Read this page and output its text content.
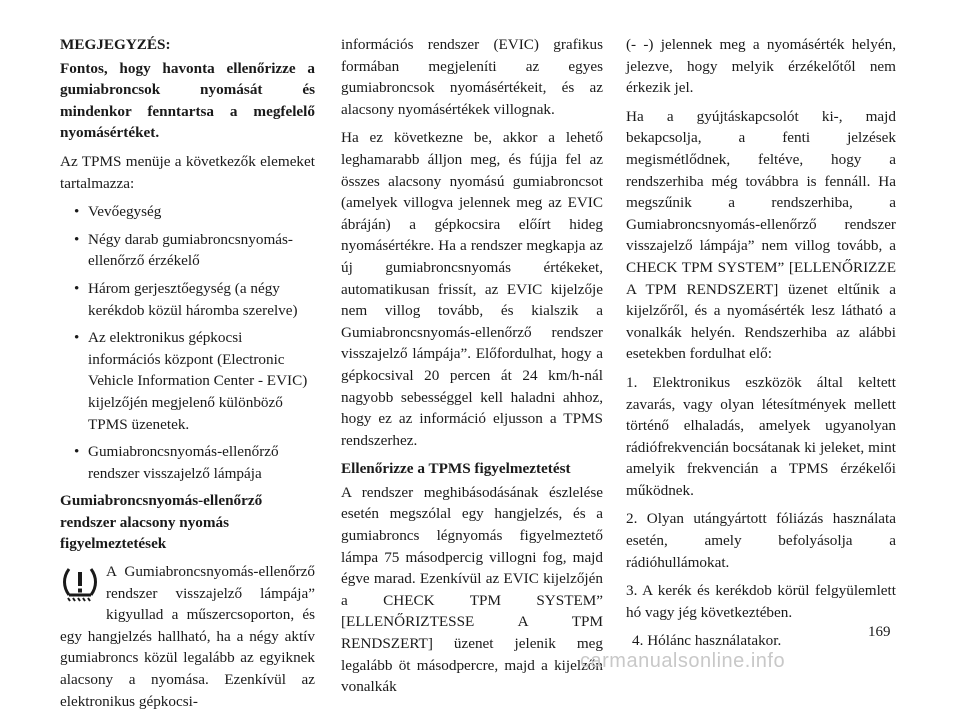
MEGJEGYZÉS:
Fontos, hogy havonta ellenőrizze a gumiabroncsok nyomását és mindenkor fenntartsa a megfelelő nyomásértéket.
Az TPMS menüje a következők elemeket tartalmazza:
• Vevőegység
• Négy darab gumiabroncsnyomás-ellenőrző érzékelő
• Három gerjesztőegység (a négy kerékdob közül háromba szerelve)
• Az elektronikus gépkocsi információs központ (Electronic Vehicle Information Center - EVIC) kijelzőjén megjelenő különböző TPMS üzenetek.
• Gumiabroncsnyomás-ellenőrző rendszer visszajelző lámpája
Gumiabroncsnyomás-ellenőrző rendszer alacsony nyomás figyelmeztetések
A Gumiabroncsnyomás-ellenőrző rendszer visszajelző lámpája” kigyullad a műszercsoporton, és egy hangjelzés hallható, ha a négy aktív gumiabroncs közül legalább az egyiknek alacsony a nyomása. Ezenkívül az elektronikus gépkocsi-
információs rendszer (EVIC) grafikus formában megjeleníti az egyes gumiabroncsok nyomásértékeit, és az alacsony nyomásértékek villognak.
Ha ez következne be, akkor a lehető leghamarabb álljon meg, és fújja fel az összes alacsony nyomású gumiabroncsot (amelyek villogva jelennek meg az EVIC ábráján) a gépkocsira előírt hideg nyomásértékre. Ha a rendszer megkapja az új gumiabroncsnyomás értékeket, automatikusan frissít, az EVIC kijelzője nem villog tovább, és kialszik a Gumiabroncsnyomás-ellenőrző rendszer visszajelző lámpája”. Előfordulhat, hogy a gépkocsival 20 percen át 24 km/h-nál nagyobb sebességgel kell haladni ahhoz, hogy ez az információ eljusson a TPMS rendszerhez.
Ellenőrizze a TPMS figyelmeztetést
A rendszer meghibásodásának észlelése esetén megszólal egy hangjelzés, és a gumiabroncs légnyomás figyelmeztető lámpa 75 másodpercig villogni fog, majd égve marad. Ezenkívül az EVIC kijelzőjén a CHECK TPM SYSTEM” [ELLENŐRIZTESSE A TPM RENDSZERT] üzenet jelenik meg legalább öt másodpercre, majd a kijelzőn vonalkák
(- -) jelennek meg a nyomásérték helyén, jelezve, hogy melyik érzékelőtől nem érkezik jel.
Ha a gyújtáskapcsolót ki-, majd bekapcsolja, a fenti jelzések megismétlődnek, feltéve, hogy a rendszerhiba még továbbra is fennáll. Ha megszűnik a rendszerhiba, a Gumiabroncsnyomás-ellenőrző rendszer visszajelző lámpája” nem villog tovább, a CHECK TPM SYSTEM” [ELLENŐRIZZE A TPM RENDSZERT] üzenet eltűnik a kijelzőről, és a nyomásérték lesz látható a vonalkák helyén. Rendszerhiba az alábbi esetekben fordulhat elő:
1. Elektronikus eszközök által keltett zavarás, vagy olyan létesítmények mellett történő elhaladás, amelyek ugyanolyan rádiófrekvencián bocsátanak ki jeleket, mint amelyik frekvencián a TPMS érzékelői működnek.
2. Olyan utángyártott fóliázás használata esetén, amely befolyásolja a rádióhullámokat.
3. A kerék és kerékdob körül felgyülemlett hó vagy jég következtében.
4. Hólánc használatakor.
169
carmanualsonline.info
